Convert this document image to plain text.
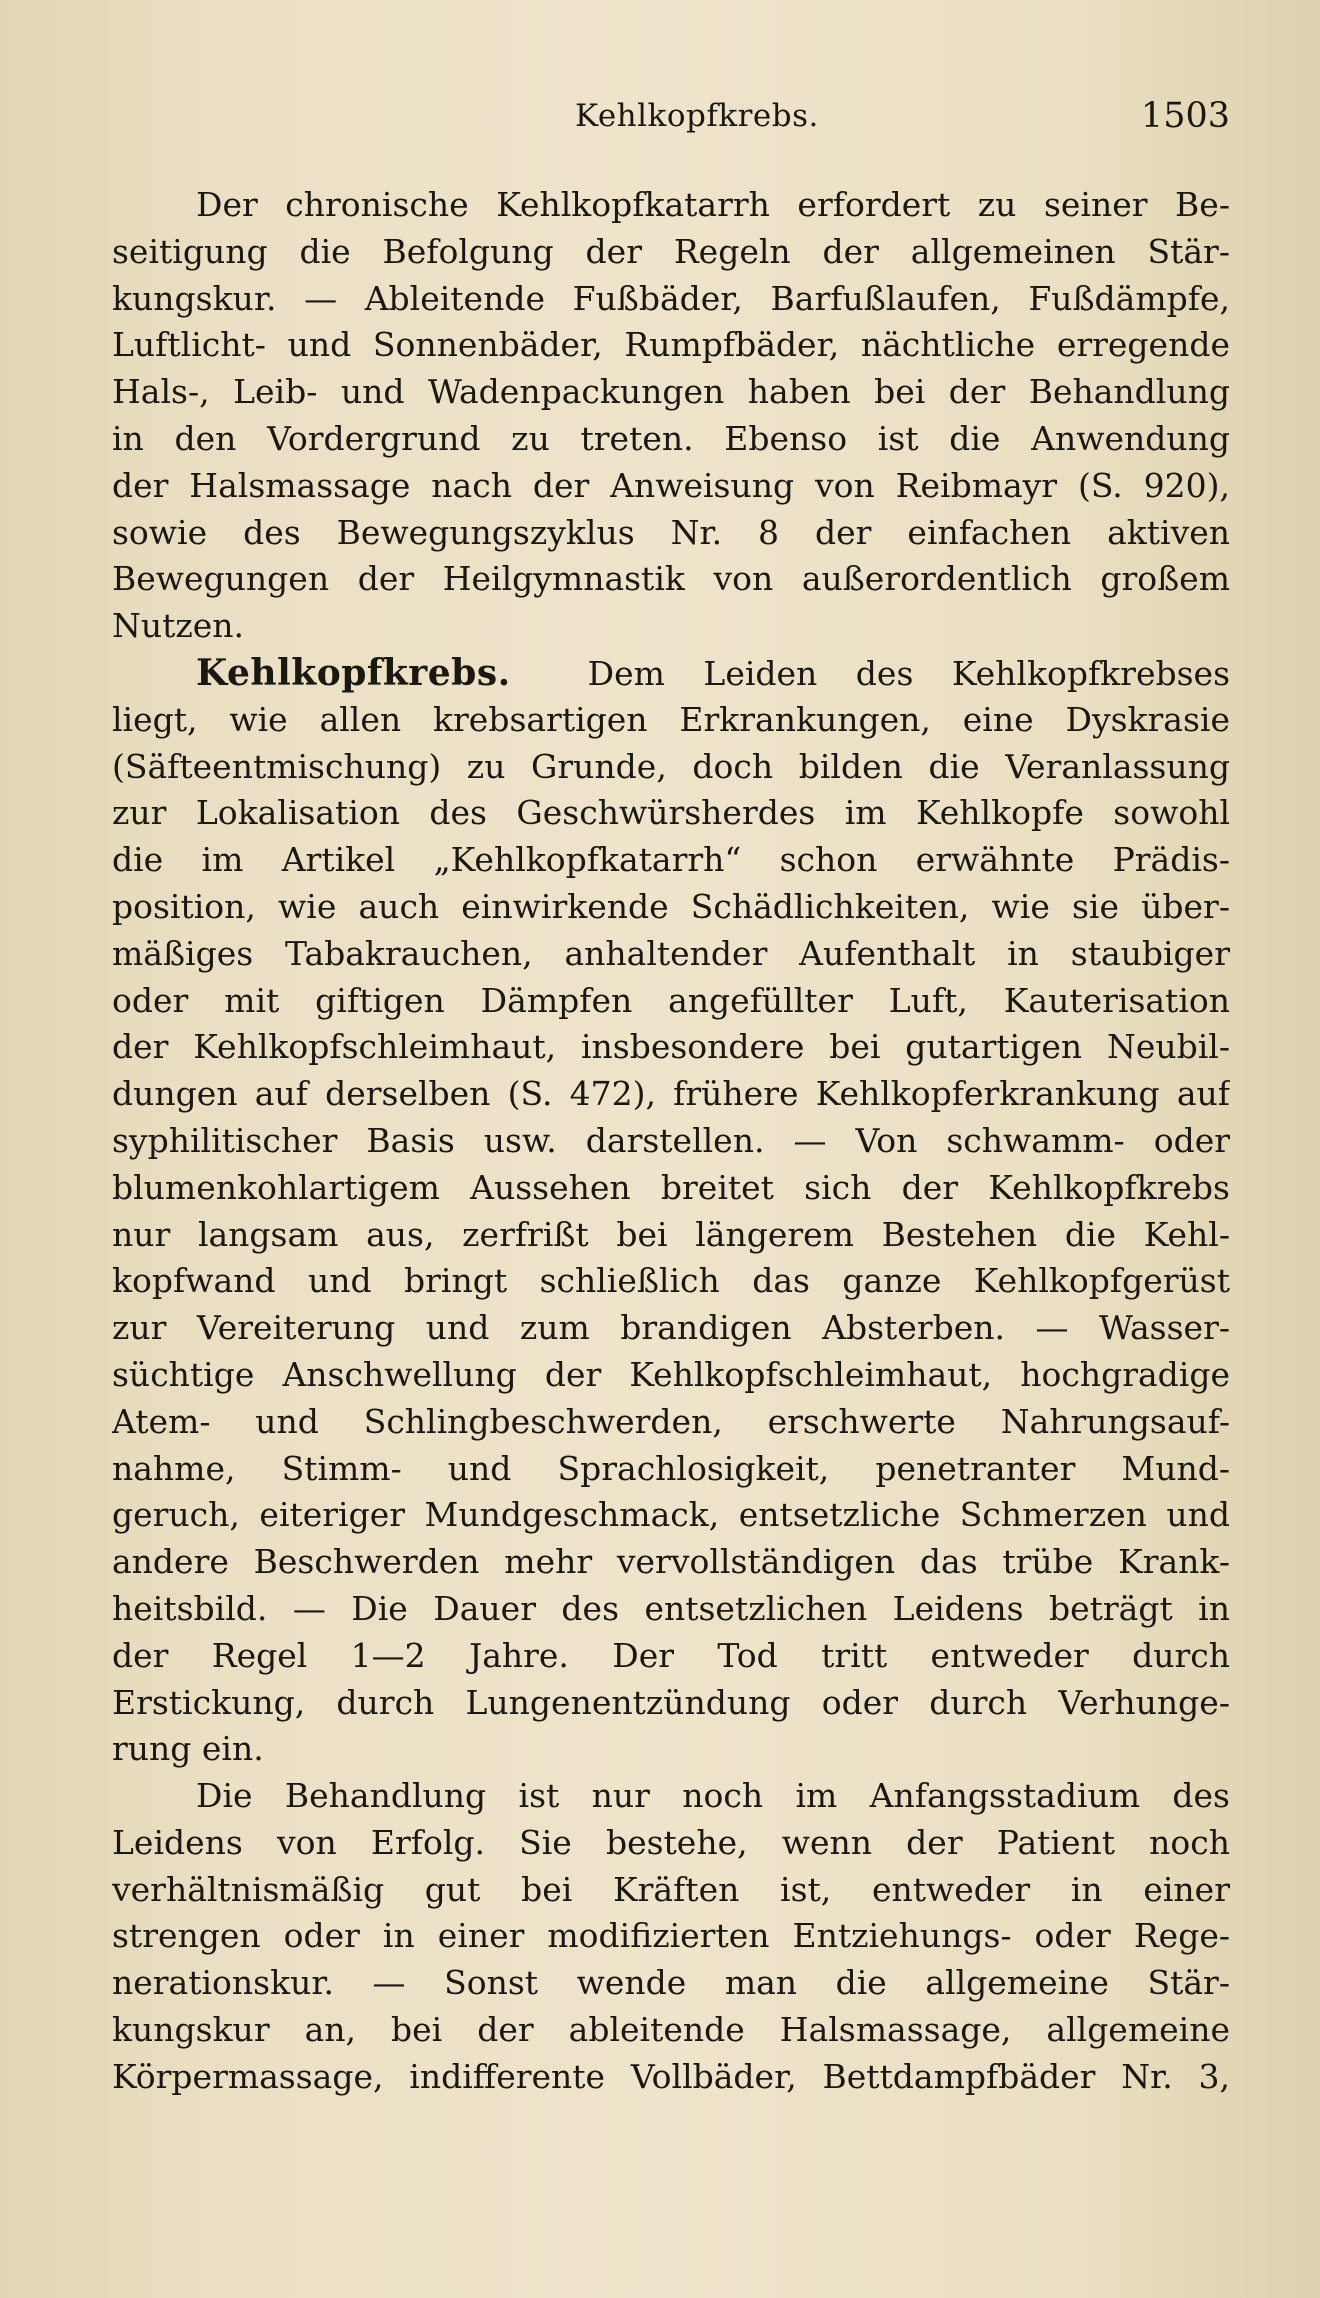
Kehlkopfkrebs.	1503
Der chronische Kehlkopfkatarrh erfordert zu seiner Be-
seitigung die Befolgung der Regeln der allgemeinen Stär-
kungskur. — Ableitende Fußbäder, Barfußlaufen, Fußdämpfe,
Luftlicht- und Sonnenbäder, Rumpfbäder, nächtliche erregende
Hals-, Leib- und Wadenpackungen haben bei der Behandlung
in den Vordergrund zu treten. Ebenso ist die Anwendung
der Halsmassage nach der Anweisung von Reibmayr (S. 920),
sowie des Bewegungszyklus Nr. 8 der einfachen aktiven
Bewegungen der Heilgymnastik von außerordentlich großem
Nutzen.
Kehlkopfkrebs. Dem Leiden des Kehlkopfkrebses
liegt, wie allen krebsartigen Erkrankungen, eine Dyskrasie
(Säfteentmischung) zu Grunde, doch bilden die Veranlassung
zur Lokalisation des Geschwürsherdes im Kehlkopfe sowohl
die im Artikel „Kehlkopfkatarrh“ schon erwähnte Prädis-
position, wie auch einwirkende Schädlichkeiten, wie sie über-
mäßiges Tabakrauchen, anhaltender Aufenthalt in staubiger
oder mit giftigen Dämpfen angefüllter Luft, Kauterisation
der Kehlkopfschleimhaut, insbesondere bei gutartigen Neubil-
dungen auf derselben (S. 472), frühere Kehlkopferkrankung auf
syphilitischer Basis usw. darstellen. — Von schwamm- oder
blumenkohlartigem Aussehen breitet sich der Kehlkopfkrebs
nur langsam aus, zerfrißt bei längerem Bestehen die Kehl-
kopfwand und bringt schließlich das ganze Kehlkopfgerüst
zur Vereiterung und zum brandigen Absterben. — Wasser-
süchtige Anschwellung der Kehlkopfschleimhaut, hochgradige
Atem- und Schlingbeschwerden, erschwerte Nahrungsauf-
nahme, Stimm- und Sprachlosigkeit, penetranter Mund-
geruch, eiteriger Mundgeschmack, entsetzliche Schmerzen und
andere Beschwerden mehr vervollständigen das trübe Krank-
heitsbild. — Die Dauer des entsetzlichen Leidens beträgt in
der Regel 1—2 Jahre. Der Tod tritt entweder durch
Erstickung, durch Lungenentzündung oder durch Verhunge-
rung ein.
Die Behandlung ist nur noch im Anfangsstadium des
Leidens von Erfolg. Sie bestehe, wenn der Patient noch
verhältnismäßig gut bei Kräften ist, entweder in einer
strengen oder in einer modifizierten Entziehungs- oder Rege-
nerationskur. — Sonst wende man die allgemeine Stär-
kungskur an, bei der ableitende Halsmassage, allgemeine
Körpermassage, indifferente Vollbäder, Bettdampfbäder Nr. 3,
